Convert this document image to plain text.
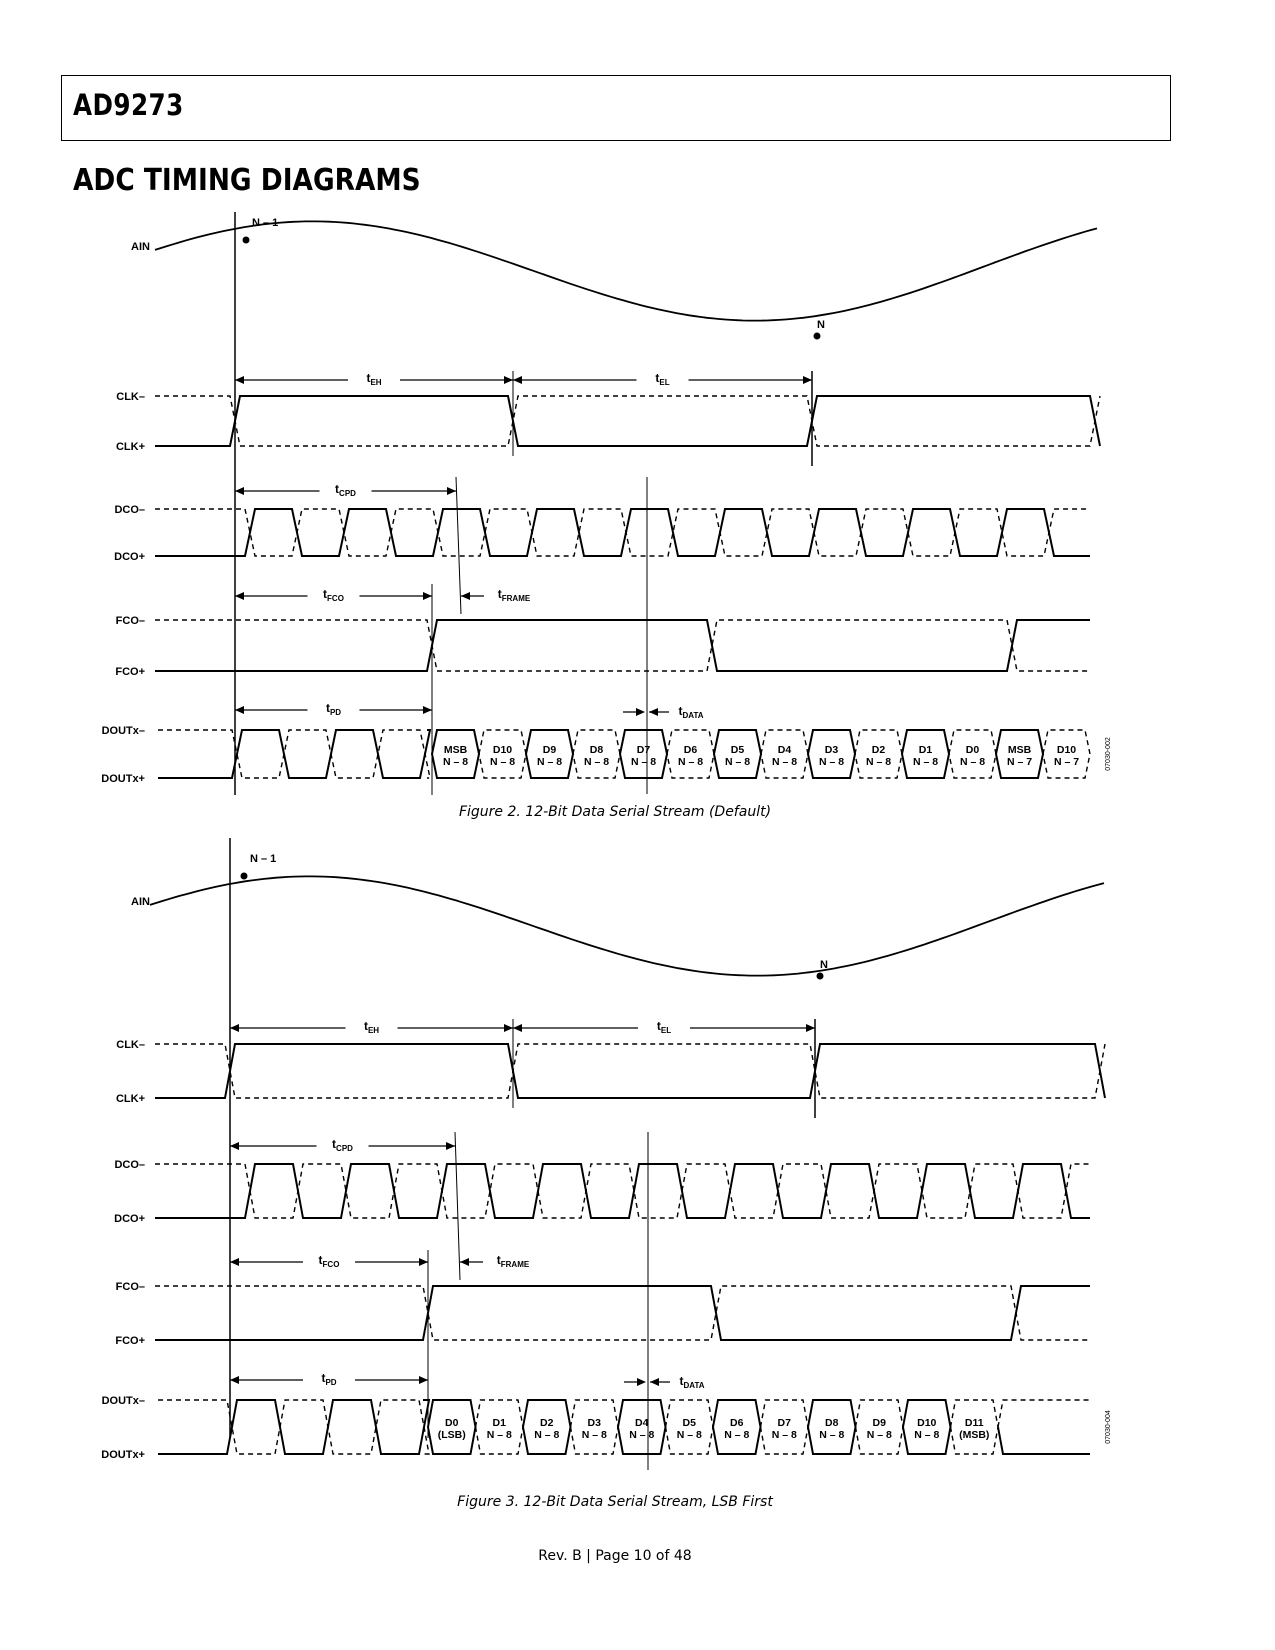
AD9273
ADC TIMING DIAGRAMS
AIN
N – 1
N
CLK–
CLK+
$t_{EH}$	$t_{EL}$
DCO–
DCO+
$t_{CPD}$
FCO–
FCO+
$t_{FCO}$	$t_{FRAME}$
DOUTx–
DOUTx+
MSB
N – 8
D10
N – 8
D9
N – 8
D8
N – 8
D7
N – 8
D6
N – 8
D5
N – 8
D4
N – 8
D3
N – 8
D2
N – 8
D1
N – 8
D0
N – 8
MSB
N – 7
D10
N – 7
$t_{PD}$	$t_{DATA}$
07030-002
Figure 2. 12-Bit Data Serial Stream (Default)
AIN
N – 1
N
CLK–
CLK+
$t_{EH}$	$t_{EL}$
DCO–
DCO+
$t_{CPD}$
FCO–
FCO+
$t_{FCO}$	$t_{FRAME}$
DOUTx–
DOUTx+
D0
(LSB)
D1
N – 8
D2
N – 8
D3
N – 8
D4
N – 8
D5
N – 8
D6
N – 8
D7
N – 8
D8
N – 8
D9
N – 8
D10
N – 8
D11
(MSB)
$t_{PD}$	$t_{DATA}$
07030-004
Figure 3. 12-Bit Data Serial Stream, LSB First
Rev. B | Page 10 of 48
